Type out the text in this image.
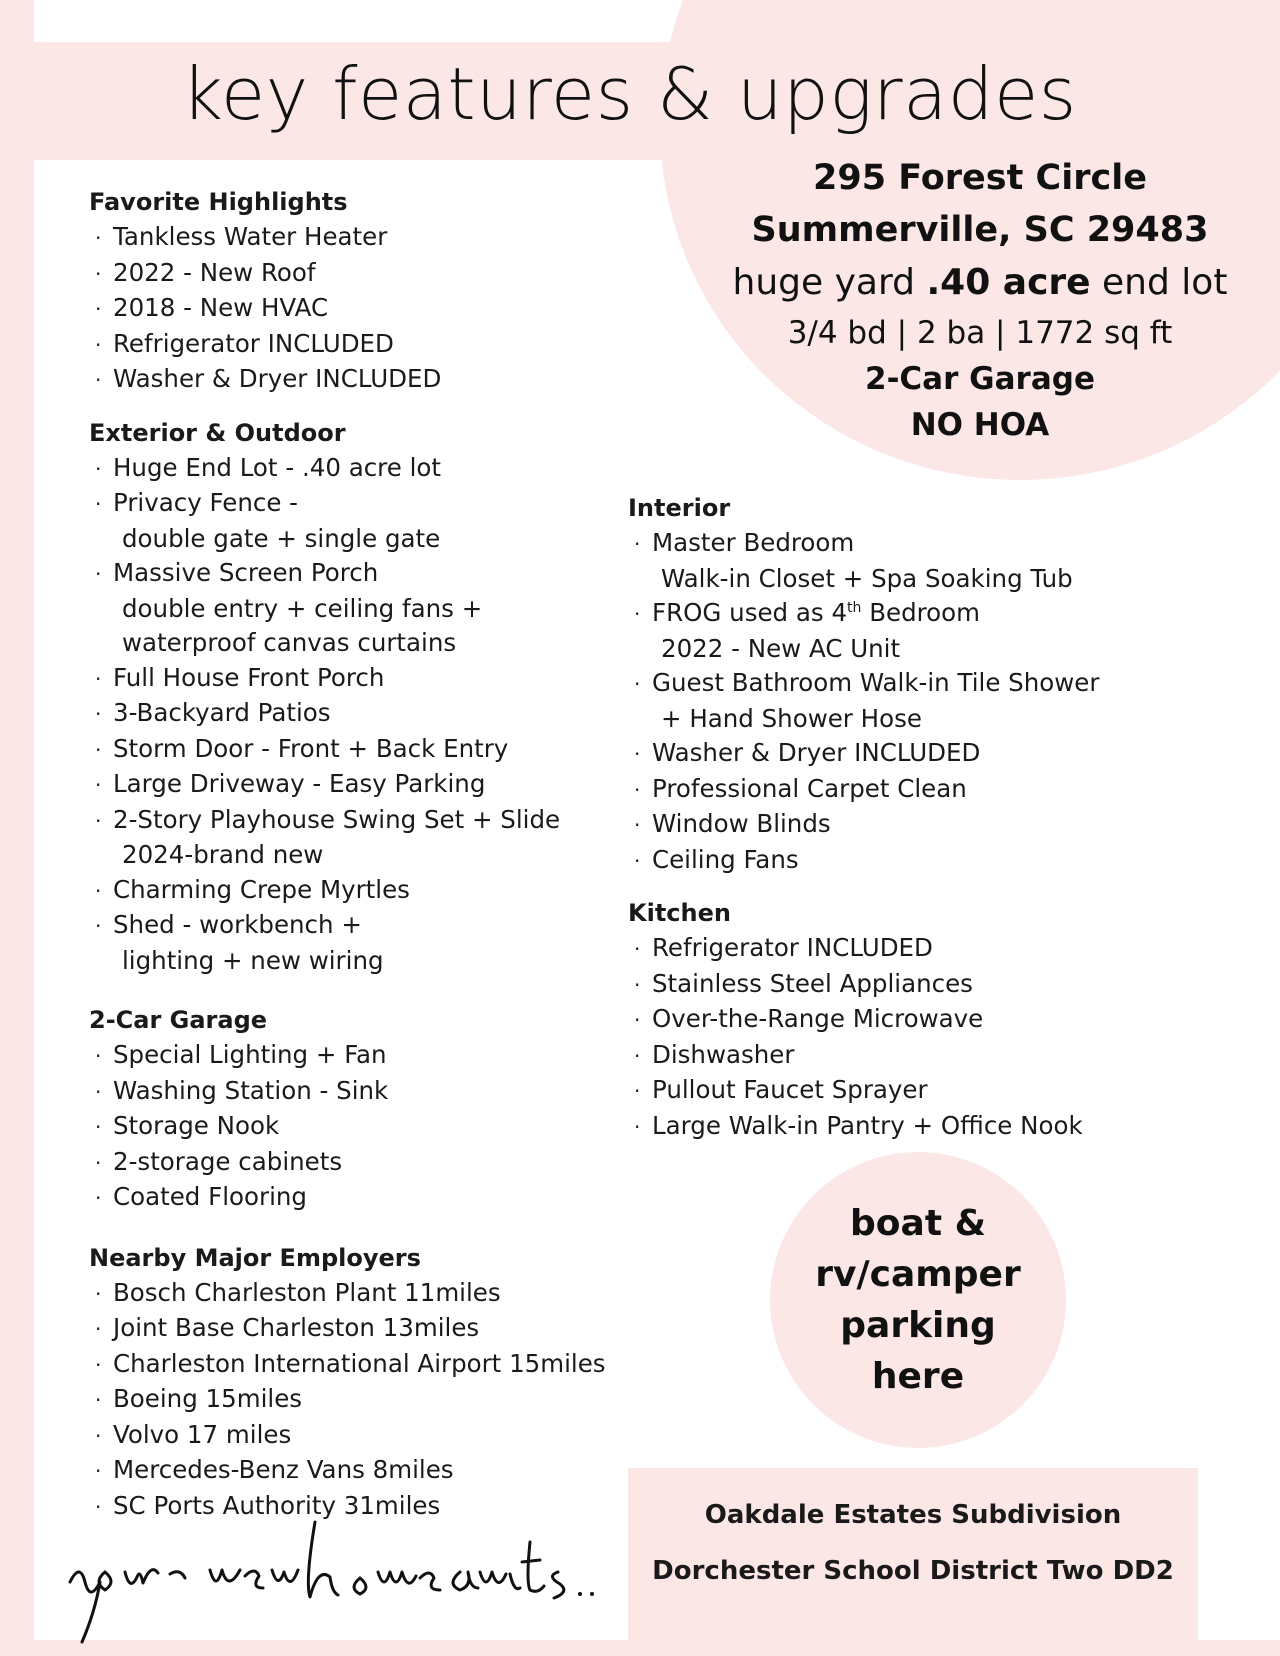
key features & upgrades
295 Forest Circle
Summerville, SC 29483
huge yard .40 acre end lot
3/4 bd | 2 ba | 1772 sq ft
2-Car Garage
NO HOA
Favorite Highlights
· Tankless Water Heater
· 2022 - New Roof
· 2018 - New HVAC
· Refrigerator INCLUDED
· Washer & Dryer INCLUDED
Exterior & Outdoor
· Huge End Lot - .40 acre lot
· Privacy Fence -
double gate + single gate
· Massive Screen Porch
double entry + ceiling fans +
waterproof canvas curtains
· Full House Front Porch
· 3-Backyard Patios
· Storm Door - Front + Back Entry
· Large Driveway - Easy Parking
· 2-Story Playhouse Swing Set + Slide
2024-brand new
· Charming Crepe Myrtles
· Shed - workbench +
lighting + new wiring
2-Car Garage
· Special Lighting + Fan
· Washing Station - Sink
· Storage Nook
· 2-storage cabinets
· Coated Flooring
Nearby Major Employers
· Bosch Charleston Plant 11miles
· Joint Base Charleston 13miles
· Charleston International Airport 15miles
· Boeing 15miles
· Volvo 17 miles
· Mercedes-Benz Vans 8miles
· SC Ports Authority 31miles
Interior
· Master Bedroom
Walk-in Closet + Spa Soaking Tub
· FROG used as 4th Bedroom
2022 - New AC Unit
· Guest Bathroom Walk-in Tile Shower
+ Hand Shower Hose
· Washer & Dryer INCLUDED
· Professional Carpet Clean
· Window Blinds
· Ceiling Fans
Kitchen
· Refrigerator INCLUDED
· Stainless Steel Appliances
· Over-the-Range Microwave
· Dishwasher
· Pullout Faucet Sprayer
· Large Walk-in Pantry + Office Nook
boat &
rv/camper
parking
here
Oakdale Estates Subdivision
Dorchester School District Two DD2
